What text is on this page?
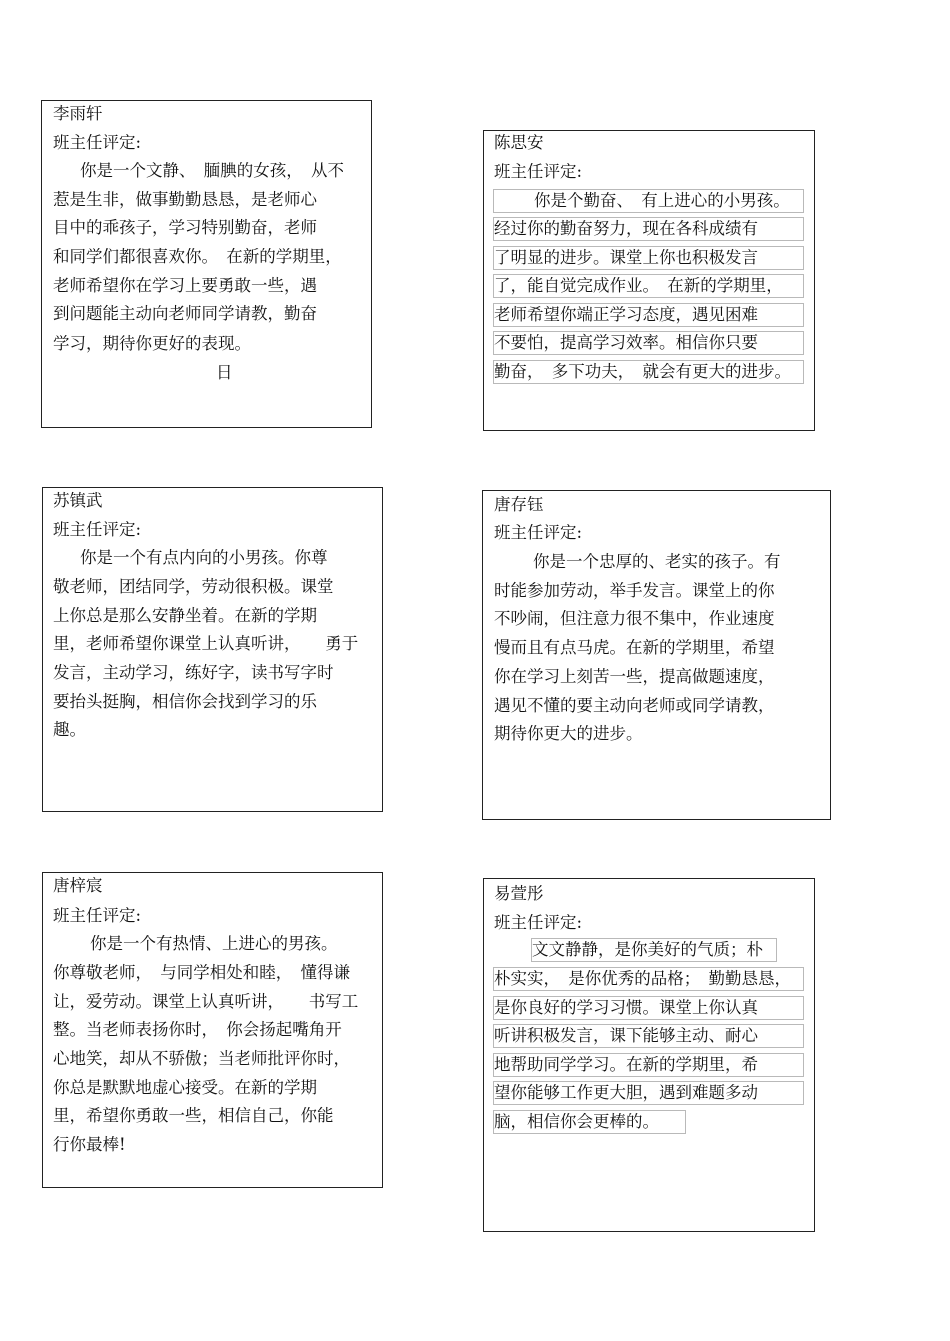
李雨轩
班主任评定:
你是一个文静、　腼腆的女孩，　从不
惹是生非，做事勤勤恳恳，是老师心
目中的乖孩子，学习特别勤奋，老师
和同学们都很喜欢你。　在新的学期里，
老师希望你在学习上要勇敢一些，遇
到问题能主动向老师同学请教，勤奋
学习，期待你更好的表现。
日
陈思安
班主任评定:
你是个勤奋、　有上进心的小男孩。
经过你的勤奋努力，现在各科成绩有
了明显的进步。课堂上你也积极发言
了，能自觉完成作业。　在新的学期里，
老师希望你端正学习态度，遇见困难
不要怕，提高学习效率。相信你只要
勤奋，　多下功夫，　就会有更大的进步。
苏镇武
班主任评定:
你是一个有点内向的小男孩。你尊
敬老师，团结同学，劳动很积极。课堂
上你总是那么安静坐着。在新的学期
里，老师希望你课堂上认真听讲，　　勇于
发言，主动学习，练好字，读书写字时
要抬头挺胸，相信你会找到学习的乐
趣。
唐存钰
班主任评定:
你是一个忠厚的、老实的孩子。有
时能参加劳动，举手发言。课堂上的你
不吵闹，但注意力很不集中，作业速度
慢而且有点马虎。在新的学期里，希望
你在学习上刻苦一些，提高做题速度，
遇见不懂的要主动向老师或同学请教，
期待你更大的进步。
唐梓宸
班主任评定:
你是一个有热情、上进心的男孩。
你尊敬老师，　与同学相处和睦，　懂得谦
让，爱劳动。课堂上认真听讲，　　书写工
整。当老师表扬你时，　你会扬起嘴角开
心地笑，却从不骄傲；当老师批评你时，
你总是默默地虚心接受。在新的学期
里，希望你勇敢一些，相信自己，你能
行你最棒!
易萱彤
班主任评定:
文文静静，是你美好的气质；朴
朴实实，　是你优秀的品格；　勤勤恳恳，
是你良好的学习习惯。课堂上你认真
听讲积极发言，课下能够主动、耐心
地帮助同学学习。在新的学期里，希
望你能够工作更大胆，遇到难题多动
脑，相信你会更棒的。
